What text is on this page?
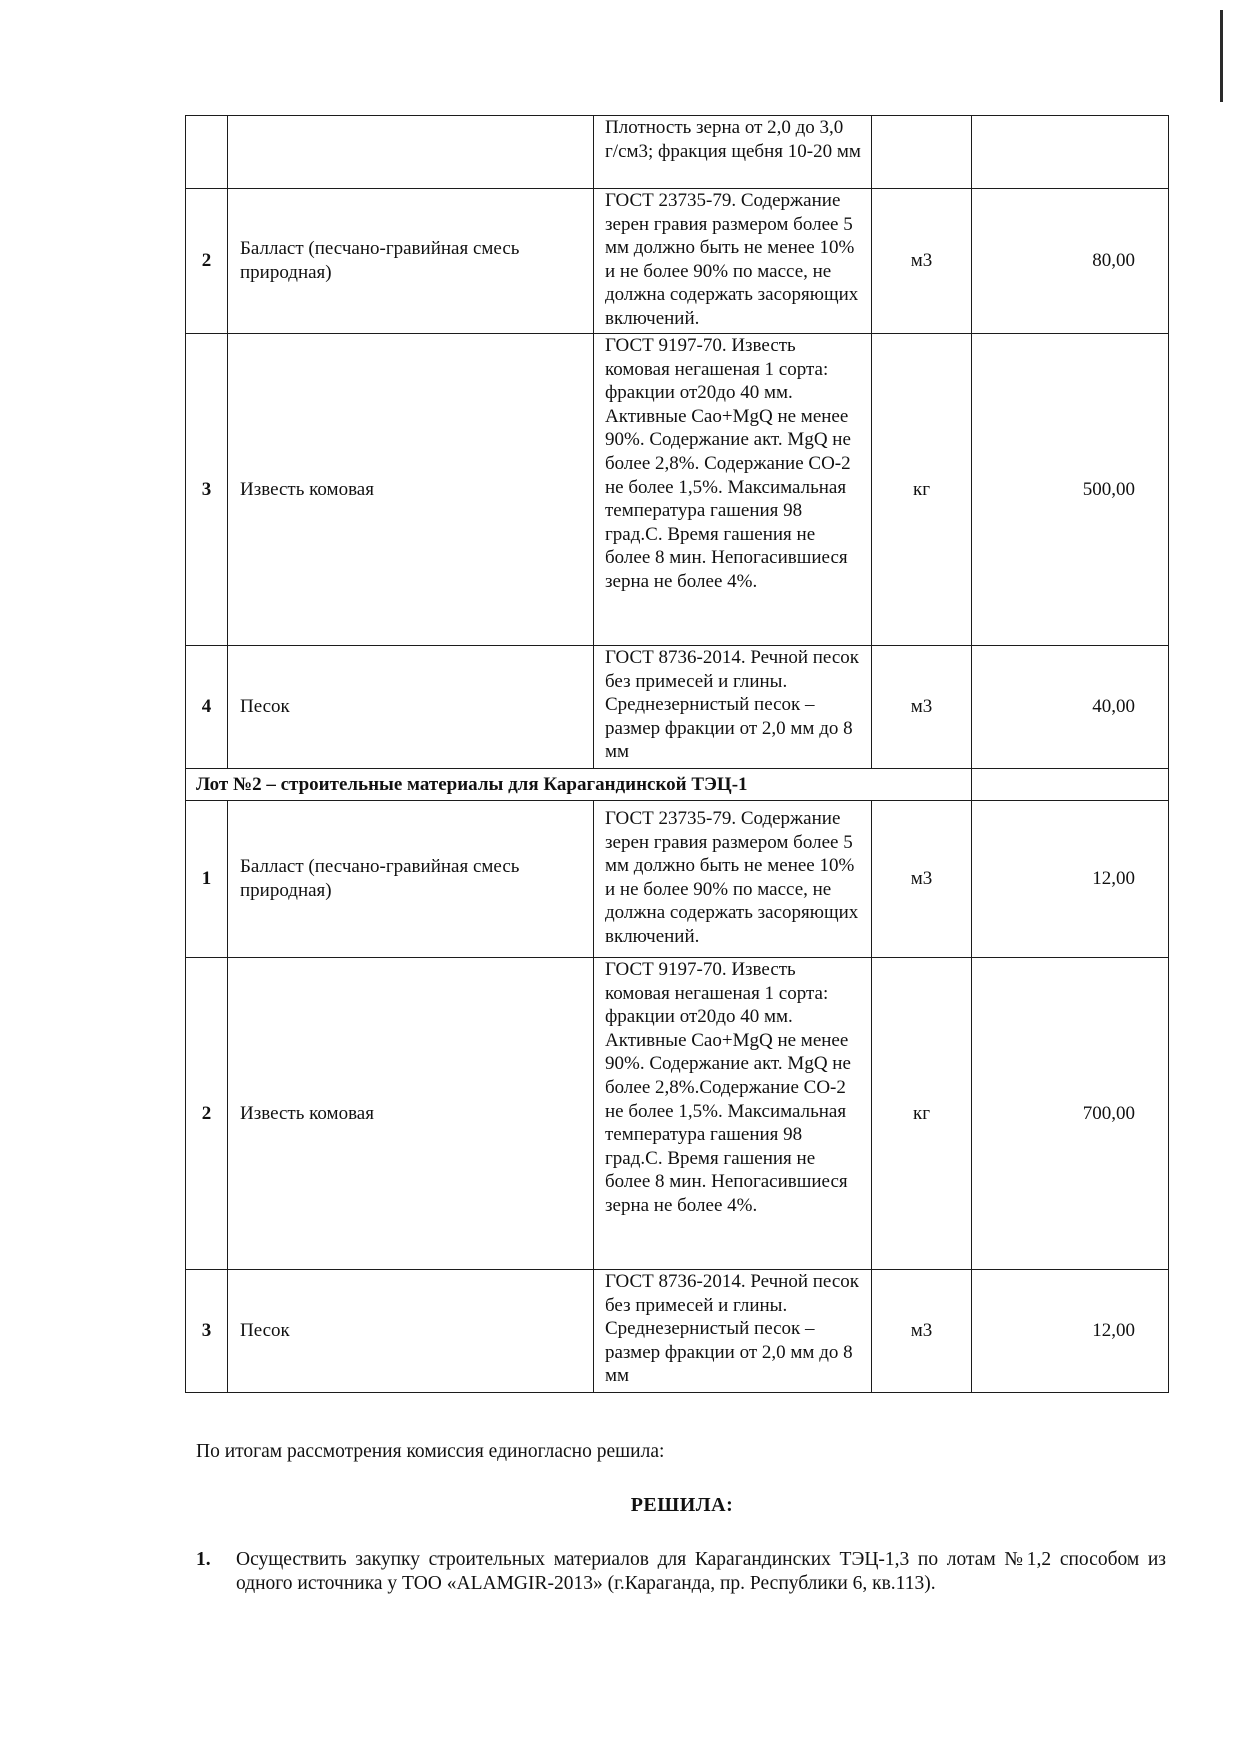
		Плотность зерна от 2,0 до 3,0 г/см3; фракция щебня 10-20 мм		
2	Балласт (песчано-гравийная смесь природная)	ГОСТ 23735-79. Содержание зерен гравия размером более 5 мм должно быть не менее 10% и не более 90% по массе, не должна содержать засоряющих включений.	м3	80,00
3	Известь комовая	ГОСТ 9197-70. Известь комовая негашеная 1 сорта: фракции от20до 40 мм. Активные Сао+MgQ не менее 90%. Содержание акт. MgQ не более 2,8%. Содержание СО-2 не более 1,5%. Максимальная температура гашения 98 град.С. Время гашения не более 8 мин. Непогасившиеся зерна не более 4%.	кг	500,00
4	Песок	ГОСТ 8736-2014. Речной песок без примесей и глины. Среднезернистый песок – размер фракции от 2,0 мм до 8 мм	м3	40,00
Лот №2 – строительные материалы для Карагандинской ТЭЦ-1				
1	Балласт (песчано-гравийная смесь природная)	ГОСТ 23735-79. Содержание зерен гравия размером более 5 мм должно быть не менее 10% и не более 90% по массе, не должна содержать засоряющих включений.	м3	12,00
2	Известь комовая	ГОСТ 9197-70. Известь комовая негашеная 1 сорта: фракции от20до 40 мм. Активные Сао+MgQ не менее 90%. Содержание акт. MgQ не более 2,8%.Содержание СО-2 не более 1,5%. Максимальная температура гашения 98 град.С. Время гашения не более 8 мин. Непогасившиеся зерна не более 4%.	кг	700,00
3	Песок	ГОСТ 8736-2014. Речной песок без примесей и глины. Среднезернистый песок – размер фракции от 2,0 мм до 8 мм	м3	12,00

По итогам рассмотрения комиссия единогласно решила:

РЕШИЛА:
1. Осуществить закупку строительных материалов для Карагандинских ТЭЦ-1,3 по лотам №1,2 способом из одного источника у ТОО «ALAMGIR-2013» (г.Караганда, пр. Республики 6, кв.113).
